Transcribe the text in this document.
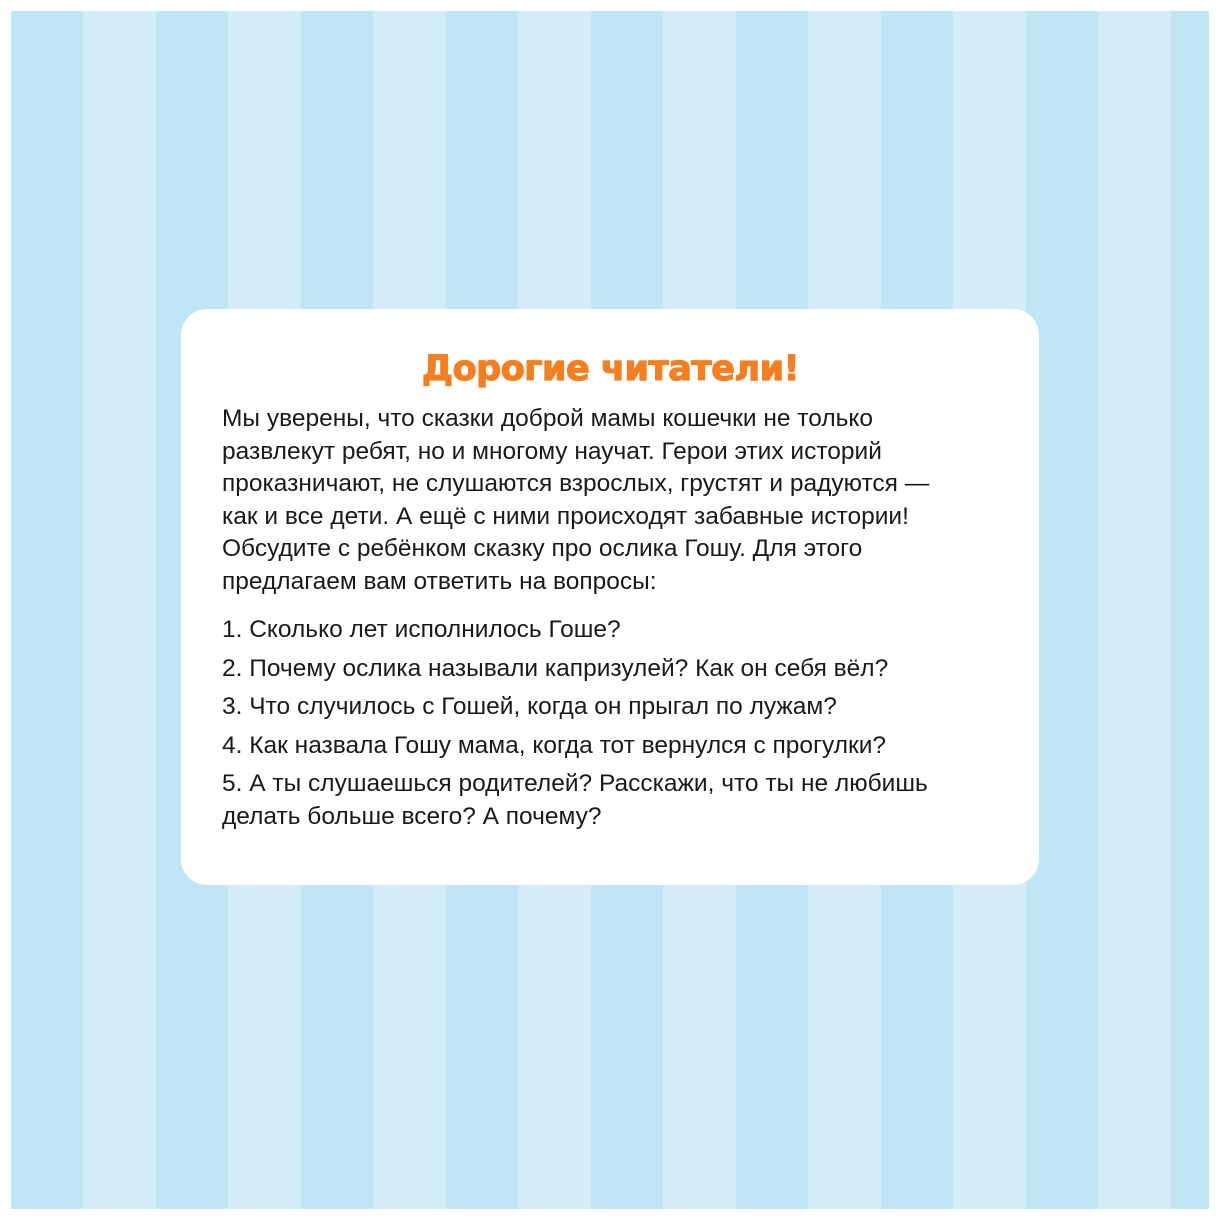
Дорогие читатели!
Мы уверены, что сказки доброй мамы кошечки не только
развлекут ребят, но и многому научат. Герои этих историй
проказничают, не слушаются взрослых, грустят и радуются —
как и все дети. А ещё с ними происходят забавные истории!
Обсудите с ребёнком сказку про ослика Гошу. Для этого
предлагаем вам ответить на вопросы:
1. Сколько лет исполнилось Гоше?
2. Почему ослика называли капризулей? Как он себя вёл?
3. Что случилось с Гошей, когда он прыгал по лужам?
4. Как назвала Гошу мама, когда тот вернулся с прогулки?
5. А ты слушаешься родителей? Расскажи, что ты не любишь
делать больше всего? А почему?
